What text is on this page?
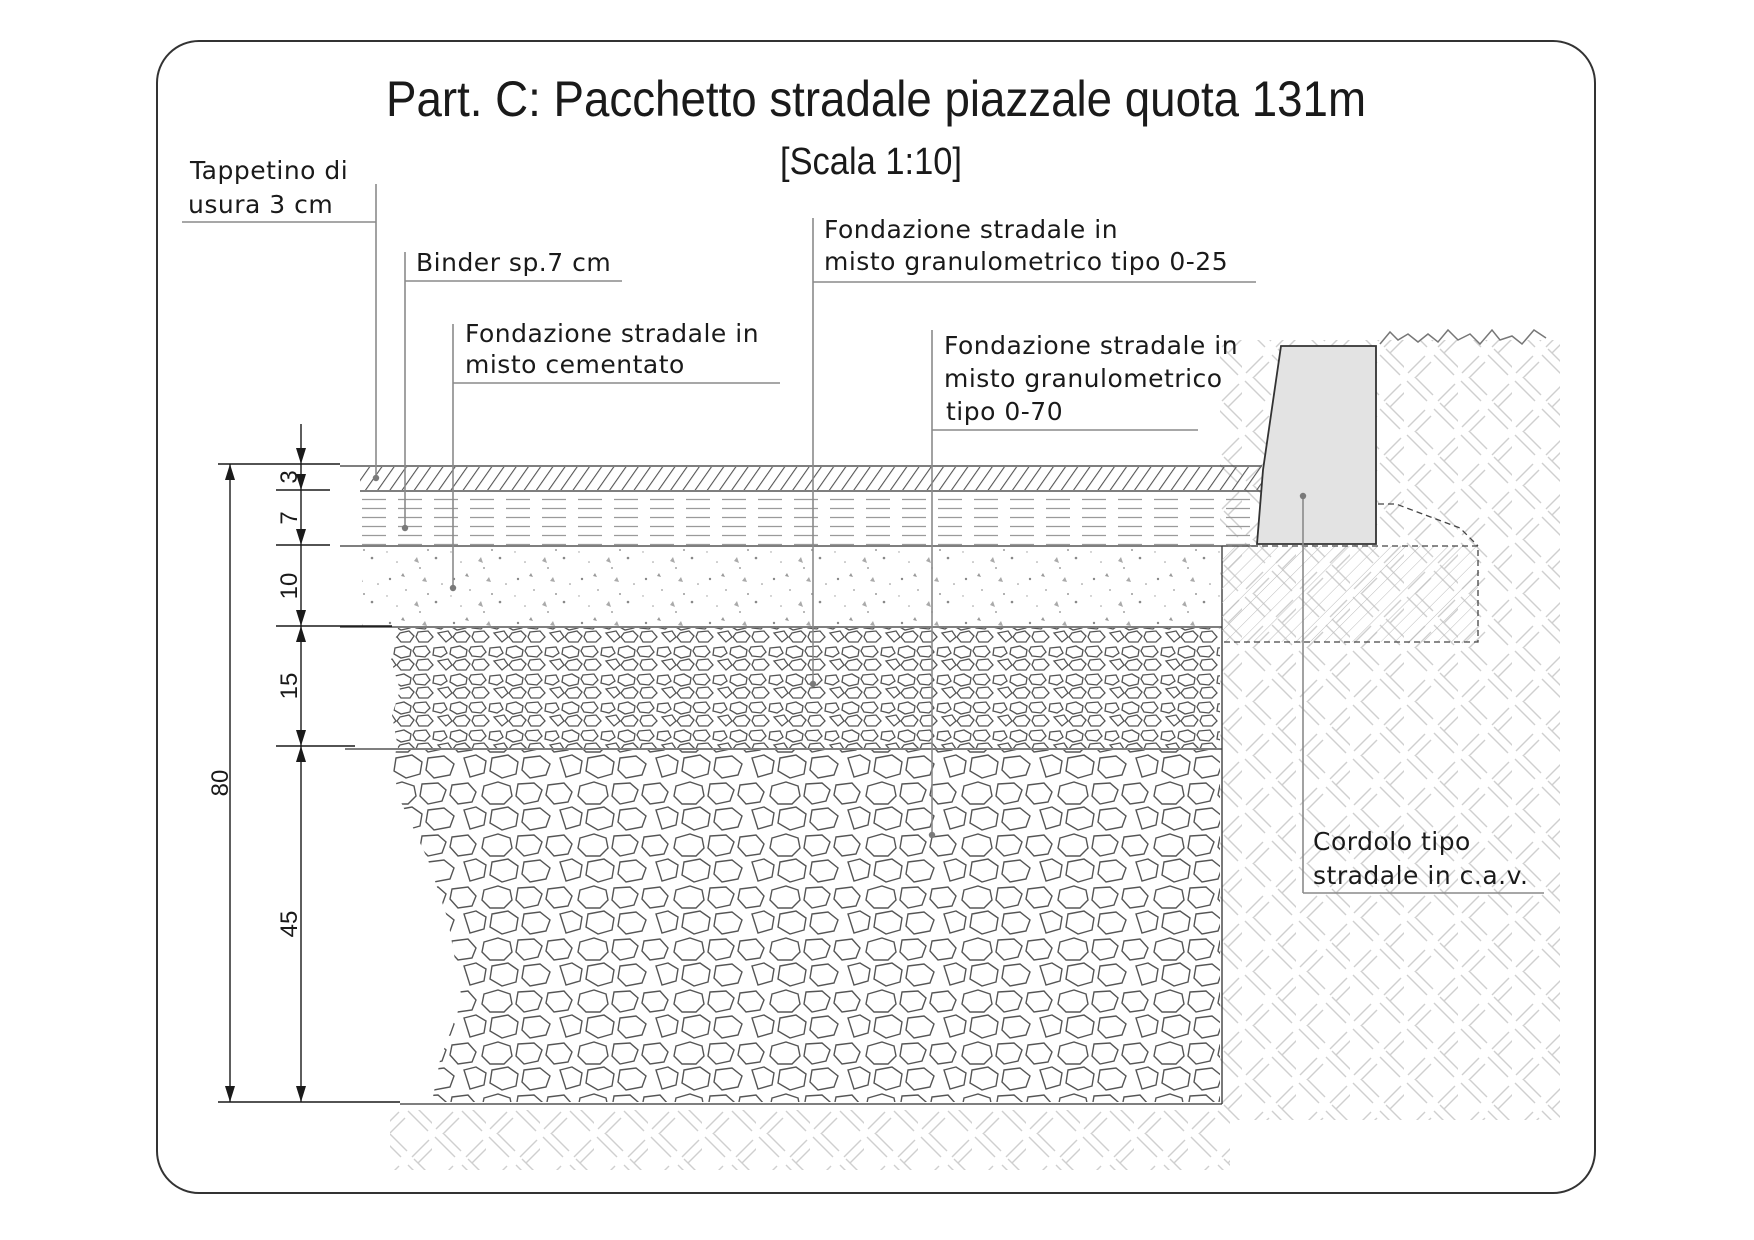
Part. C: Pacchetto stradale piazzale quota 131m
[Scala 1:10]
80
3
7
10
15
45
Tappetino di
usura 3 cm
Binder sp.7 cm
Fondazione stradale in
misto cementato
Fondazione stradale in
misto granulometrico tipo 0-25
Fondazione stradale in
misto granulometrico
tipo 0-70
Cordolo tipo
stradale in c.a.v.
